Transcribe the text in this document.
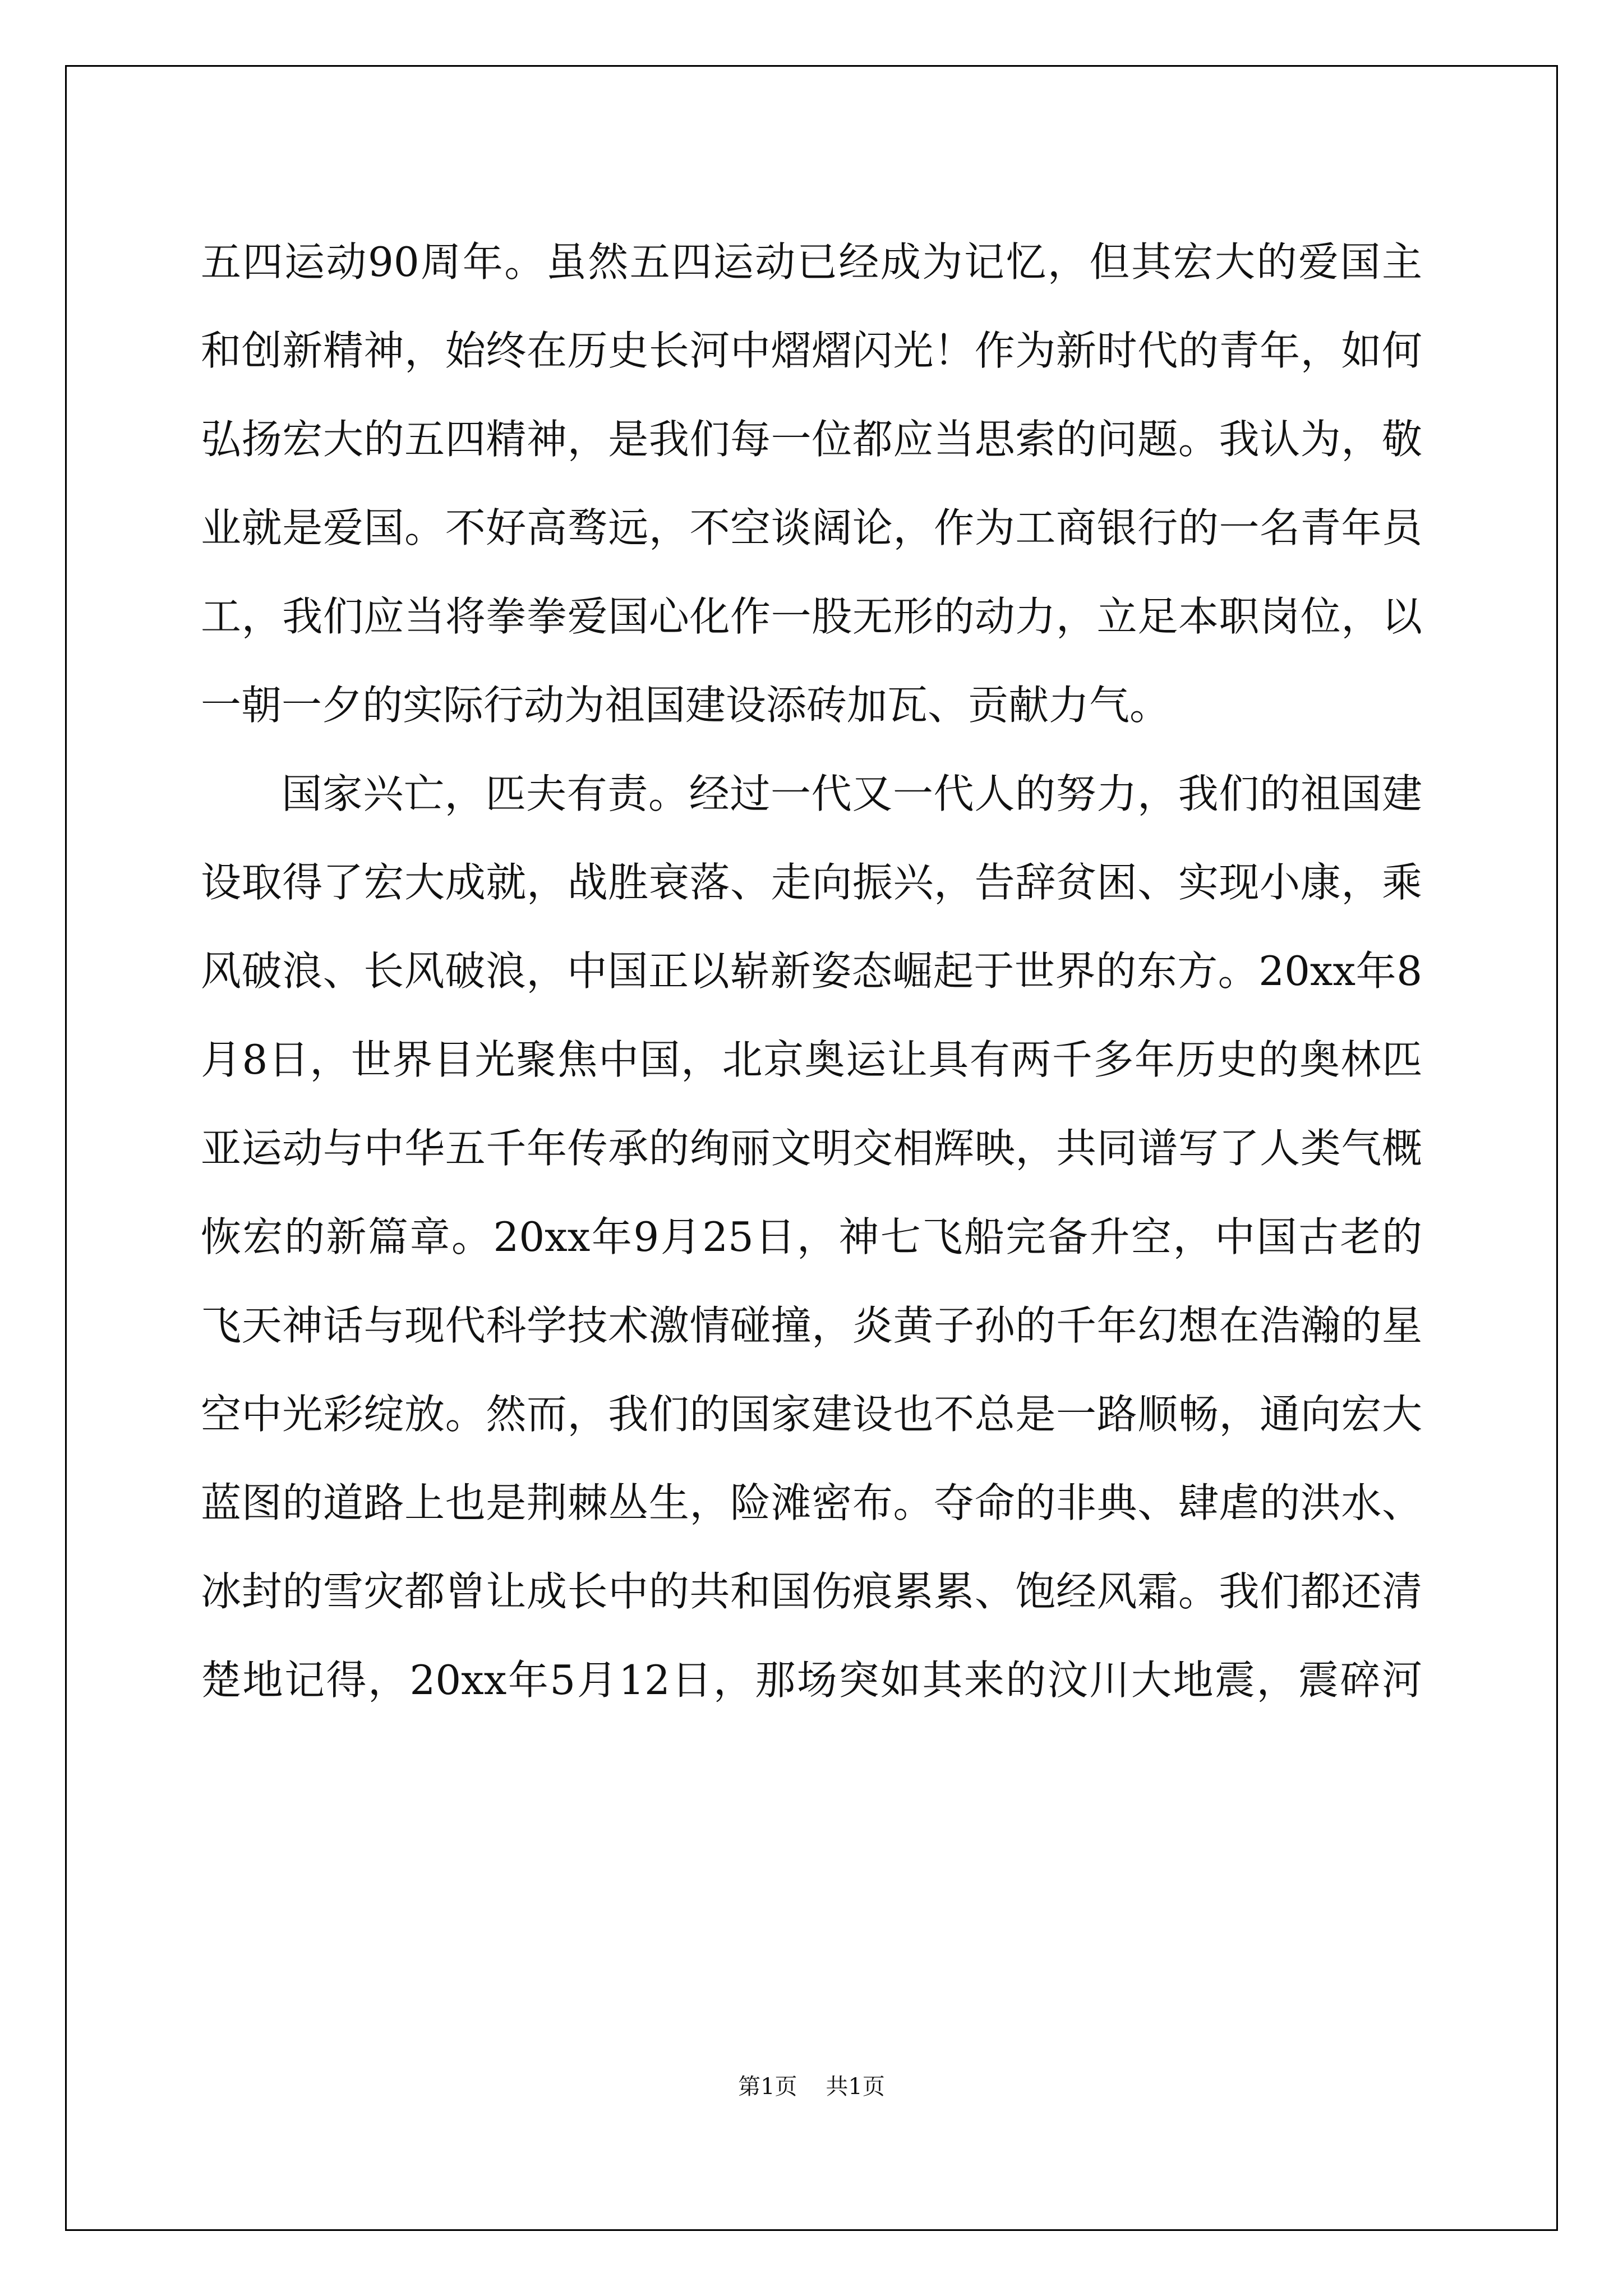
五四运动90周年。虽然五四运动已经成为记忆，但其宏大的爱国主
和创新精神，始终在历史长河中熠熠闪光！作为新时代的青年，如何
弘扬宏大的五四精神，是我们每一位都应当思索的问题。我认为，敬
业就是爱国。不好高骛远，不空谈阔论，作为工商银行的一名青年员
工，我们应当将拳拳爱国心化作一股无形的动力，立足本职岗位，以
一朝一夕的实际行动为祖国建设添砖加瓦、贡献力气。
国家兴亡，匹夫有责。经过一代又一代人的努力，我们的祖国建
设取得了宏大成就，战胜衰落、走向振兴，告辞贫困、实现小康，乘
风破浪、长风破浪，中国正以崭新姿态崛起于世界的东方。20xx年8
月8日，世界目光聚焦中国，北京奥运让具有两千多年历史的奥林匹
亚运动与中华五千年传承的绚丽文明交相辉映，共同谱写了人类气概
恢宏的新篇章。20xx年9月25日，神七飞船完备升空，中国古老的
飞天神话与现代科学技术激情碰撞，炎黄子孙的千年幻想在浩瀚的星
空中光彩绽放。然而，我们的国家建设也不总是一路顺畅，通向宏大
蓝图的道路上也是荆棘丛生，险滩密布。夺命的非典、肆虐的洪水、
冰封的雪灾都曾让成长中的共和国伤痕累累、饱经风霜。我们都还清
楚地记得，20xx年5月12日，那场突如其来的汶川大地震，震碎河
第1页    共1页
